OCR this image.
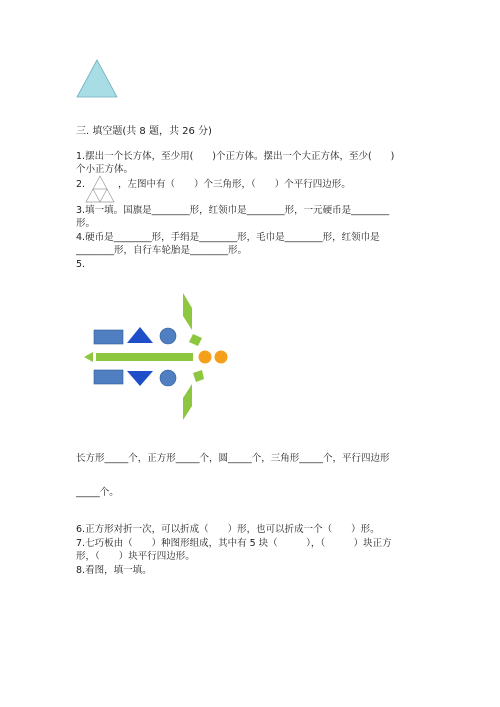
三. 填空题(共 8 题，共 26 分)
1.摆出一个长方体，至少用(　　)个正方体。摆出一个大正方体，至少(　　)
个小正方体。
2.	，左图中有（　　）个三角形，（　　）个平行四边形。
3.填一填。国旗是________形，红领巾是________形，一元硬币是________
形。
4.硬币是________形，手绢是________形，毛巾是________形，红领巾是
________形，自行车轮胎是________形。
5.
长方形_____个，正方形_____个，圆_____个，三角形_____个，平行四边形
_____个。
6.正方形对折一次，可以折成（　　）形，也可以折成一个（　　）形。
7.七巧板由（　　）种图形组成，其中有 5 块（　　　），（　　　）块正方
形，（　　）块平行四边形。
8.看图，填一填。
